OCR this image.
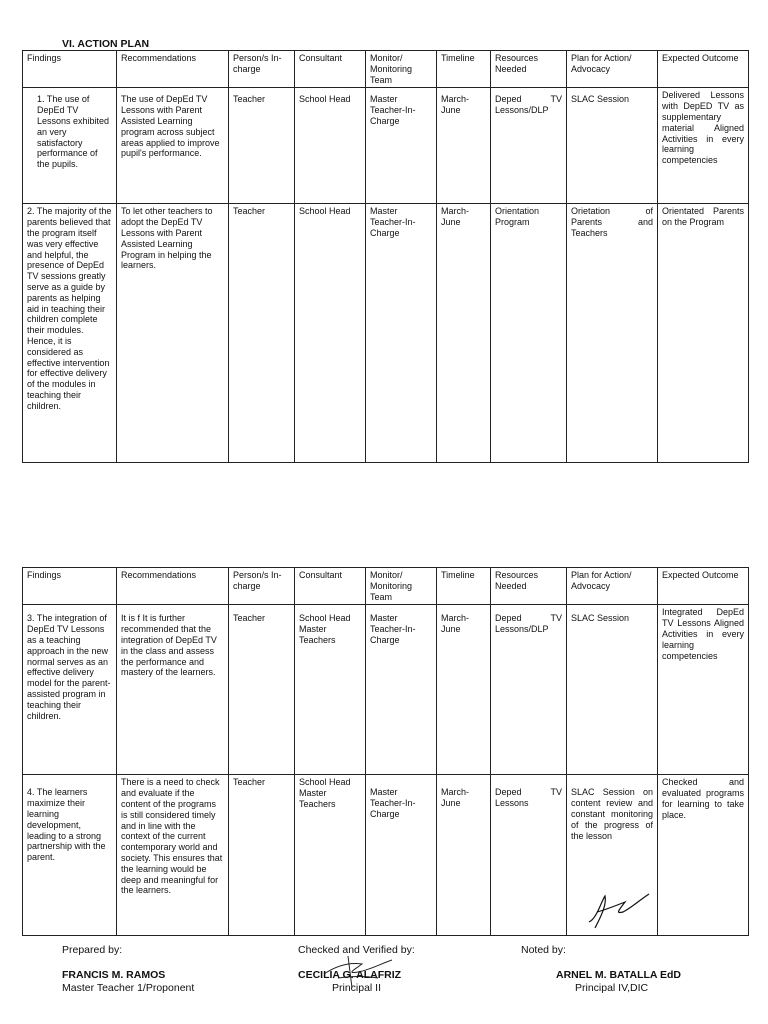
VI. ACTION PLAN
Findings	Recommendations	Person/s In-charge	Consultant	Monitor/ Monitoring Team	Timeline	Resources Needed	Plan for Action/ Advocacy	Expected Outcome
1. The use of DepEd TV Lessons exhibited an very satisfactory performance of the pupils.	The use of DepEd TV Lessons with Parent Assisted Learning program across subject areas applied to improve pupil's performance.	Teacher	School Head	Master Teacher-In-Charge	March-June	Deped TV Lessons/DLP	SLAC Session	Delivered Lessons with DepED TV as supplementary material Aligned Activities in every learning competencies
2. The majority of the parents believed that the program itself was very effective and helpful, the presence of DepEd TV sessions greatly serve as a guide by parents as helping aid in teaching their children complete their modules. Hence, it is considered as effective intervention for effective delivery of the modules in teaching their children.	To let other teachers to adopt the DepEd TV Lessons with Parent Assisted Learning Program in helping the learners.	Teacher	School Head	Master Teacher-In-Charge	March-June	Orientation Program	Orietation of Parents and Teachers	Orientated Parents on the Program
Findings	Recommendations	Person/s In-charge	Consultant	Monitor/ Monitoring Team	Timeline	Resources Needed	Plan for Action/ Advocacy	Expected Outcome
3. The integration of DepEd TV Lessons as a teaching approach in the new normal serves as an effective delivery model for the parent-assisted program in teaching their children.	It is f It is further recommended that the integration of DepEd TV in the class and assess the performance and mastery of the learners.	Teacher	School Head Master Teachers	Master Teacher-In-Charge	March-June	Deped TV Lessons/DLP	SLAC Session	Integrated DepEd TV Lessons Aligned Activities in every learning competencies
4. The learners maximize their learning development, leading to a strong partnership with the parent.	There is a need to check and evaluate if the content of the programs is still considered timely and in line with the context of the current contemporary world and society. This ensures that the learning would be deep and meaningful for the learners.	Teacher	School Head Master Teachers	Master Teacher-In-Charge	March-June	Deped TV Lessons	SLAC Session on content review and constant monitoring of the progress of the lesson	Checked and evaluated programs for learning to take place.
Prepared by:	Checked and Verified by:	Noted by:
FRANCIS M. RAMOS	CECILIA G. ALAFRIZ	ARNEL M. BATALLA EdD
Master Teacher 1/Proponent	Principal II	Principal IV,DIC
